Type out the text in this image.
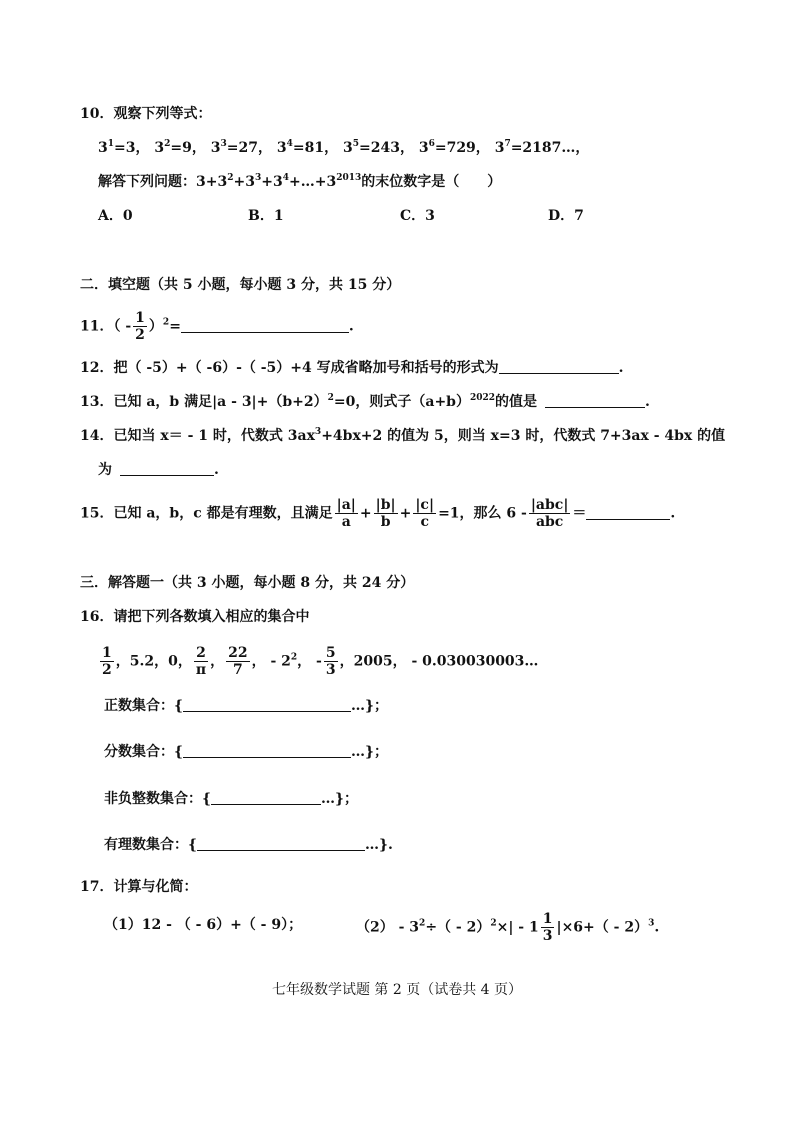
10．观察下列等式：
$3^1=3$， $3^2=9$， $3^3=27$， $3^4=81$， $3^5=243$， $3^6=729$， $3^7=2187\dots$，
解答下列问题：$3+3^2+3^3+3^4+\dots+3^{2013}$的末位数字是（　　）
A．0	B．1	C．3	D．7
二．填空题（共 5 小题，每小题 3 分，共 15 分）
11．（ - $\frac{1}{2} )^2=$	.
12．把（ -5）+（ -6）-（ -5）+4 写成省略加号和括号的形式为	.
13．已知 a，b 满足$|a - 3|+(b+2)^2=0$，则式子$(a+b)^{2022}$的值是	.
14．已知当 x＝ - 1 时，代数式 $3ax^3+4bx+2$ 的值为 5，则当 x=3 时，代数式 7+3ax - 4bx 的值
为	.
15．已知 a，b，c 都是有理数，且满足 $\frac{|a|}{a} + \frac{|b|}{b} + \frac{|c|}{c} =1$，那么 $6 - \frac{\text{|abc|}}{\text{abc}}$ ＝	.
三．解答题一（共 3 小题，每小题 8 分，共 24 分）
16．请把下列各数填入相应的集合中
$\frac{1}{2}$ ，5.2，0， $\frac{2}{\pi}$ ， $\frac{22}{7}$ ， - $2^2$， - $\frac{5}{3}$ ，2005， - 0.030030003…
正数集合：{	…}；
分数集合：{	…}；
非负整数集合：{	…}；
有理数集合：{	…}.
17．计算与化简：
（1）12 - （ - 6）+（ - 9）；	$(2) - 3^2\div( - 2)^2\times| - 1 \frac{1}{3} |\times 6+( - 2)^3$.
七年级数学试题 第 2 页（试卷共 4 页）
